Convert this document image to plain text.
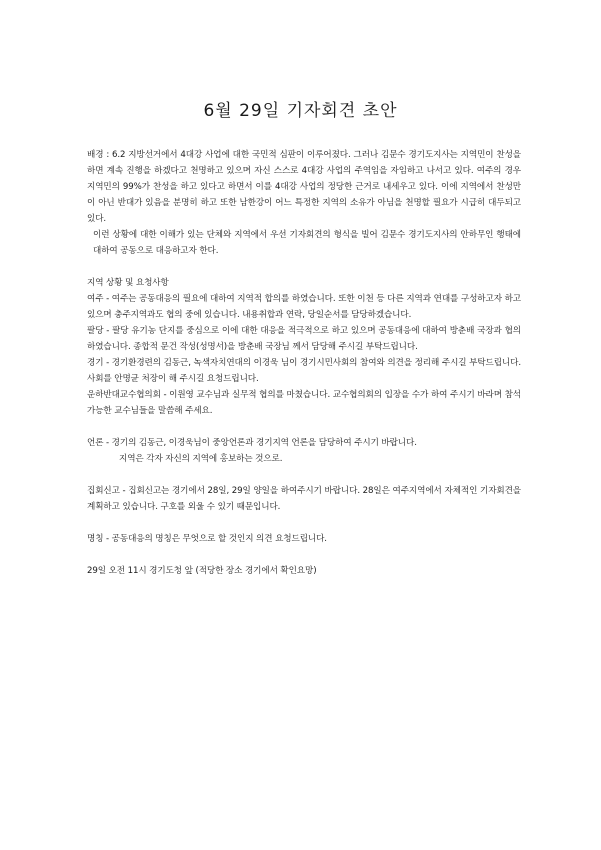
6월 29일 기자회견 초안

배경 : 6.2 지방선거에서 4대강 사업에 대한 국민적 심판이 이루어졌다. 그러나 김문수 경기도지사는 지역민이 찬성을 하면 계속 진행을 하겠다고 천명하고 있으며 자신 스스로 4대강 사업의 주역임을 자임하고 나서고 있다. 여주의 경우 지역민의 99%가 찬성을 하고 있다고 하면서 이를 4대강 사업의 정당한 근거로 내세우고 있다. 이에 지역에서 찬성만이 아닌 반대가 있음을 분명히 하고 또한 남한강이 어느 특정한 지역의 소유가 아님을 천명할 필요가 시급히 대두되고 있다.

이런 상황에 대한 이해가 있는 단체와 지역에서 우선 기자회견의 형식을 빌어 김문수 경기도지사의 안하무인 행태에 대하여 공동으로 대응하고자 한다.

지역 상황 및 요청사항

여주 - 여주는 공동대응의 필요에 대하여 지역적 합의를 하였습니다. 또한 이천 등 다른 지역과 연대를 구성하고자 하고 있으며 충주지역과도 협의 중에 있습니다. 내용취합과 연락, 당일순서를 담당하겠습니다.

팔당 - 팔당 유기농 단지를 중심으로 이에 대한 대응을 적극적으로 하고 있으며 공동대응에 대하여 방춘배 국장과 협의 하였습니다. 종합적 문건 작성(성명서)을 방춘배 국장님 께서 담당해 주시길 부탁드립니다.

경기 - 경기환경련의 김동근, 녹색자치연대의 이경욱 님이 경기시민사회의 참여와 의견을 정리해 주시길 부탁드립니다. 사회를 안명균 처장이 해 주시길 요청드립니다.

운하반대교수협의회 - 이원영 교수님과 실무적 협의를 마쳤습니다. 교수협의회의 입장을 수가 하여 주시기 바라며 참석 가능한 교수님들을 말씀해 주세요.

언론 - 경기의 김동근, 이경욱님이 중앙언론과 경기지역 언론을 담당하여 주시기 바랍니다.

지역은 각자 자신의 지역에 홍보하는 것으로.

집회신고 - 집회신고는 경기에서 28일, 29일 양일을 하여주시기 바랍니다. 28일은 여주지역에서 자체적인 기자회견을 계획하고 있습니다. 구호를 외울 수 있기 때문입니다.

명칭 - 공동대응의 명칭은 무엇으로 할 것인지 의견 요청드립니다.

29일 오전 11시 경기도청 앞 (적당한 장소 경기에서 확인요망)
